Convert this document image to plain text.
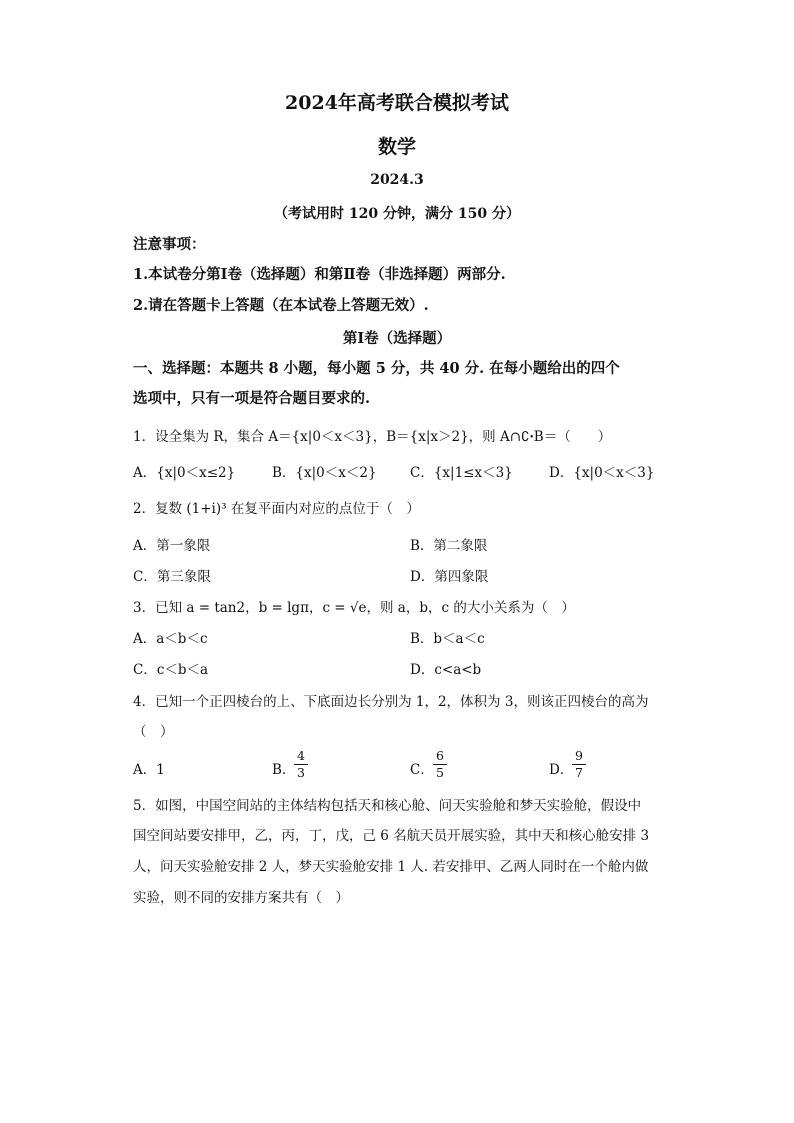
2024年高考联合模拟考试
数学
2024.3
（考试用时 120 分钟，满分 150 分）
注意事项：
1.本试卷分第Ⅰ卷（选择题）和第Ⅱ卷（非选择题）两部分.
2.请在答题卡上答题（在本试卷上答题无效）.
第Ⅰ卷（选择题）
一、选择题：本题共 8 小题，每小题 5 分，共 40 分. 在每小题给出的四个
选项中，只有一项是符合题目要求的.
1．设全集为 R，集合 A＝{x|0＜x＜3}，B＝{x|x＞2}，则 A∩∁ꞏB＝（　　）
A．{x|0＜x≤2}	B．{x|0＜x＜2} C．{x|1≤x＜3}	D．{x|0＜x＜3}
2．复数 (1+i)³ 在复平面内对应的点位于（　）
A．第一象限	B．第二象限
C．第三象限	D．第四象限
3．已知 a = tan2，b = lgπ，c = √e，则 a，b，c 的大小关系为（　）
A．a＜b＜c	B．b＜a＜c
C．c＜b＜a	D．c<a<b
4．已知一个正四棱台的上、下底面边长分别为 1，2，体积为 3，则该正四棱台的高为
（　）
A．1	B．
4
3	C．
6
5	D．
9
7
5．如图，中国空间站的主体结构包括天和核心舱、问天实验舱和梦天实验舱，假设中
国空间站要安排甲，乙，丙，丁，戊，己 6 名航天员开展实验，其中天和核心舱安排 3
人，问天实验舱安排 2 人，梦天实验舱安排 1 人. 若安排甲、乙两人同时在一个舱内做
实验，则不同的安排方案共有（　）
